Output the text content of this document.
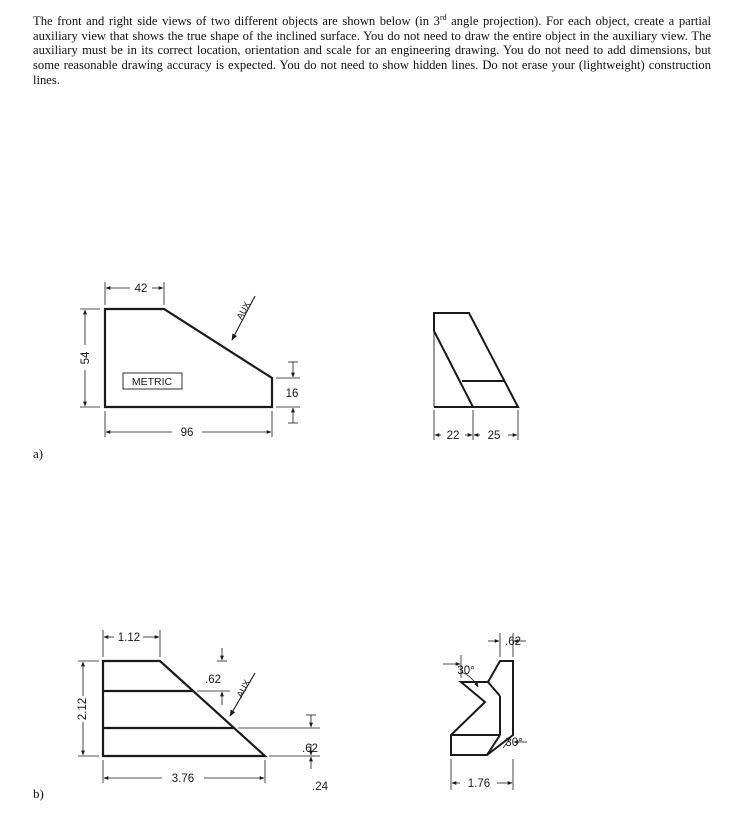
The front and right side views of two different objects are shown below (in 3rd angle projection). For each object, create a partial auxiliary view that shows the true shape of the inclined surface. You do not need to draw the entire object in the auxiliary view. The auxiliary must be in its correct location, orientation and scale for an engineering drawing. You do not need to add dimensions, but some reasonable drawing accuracy is expected. You do not need to show hidden lines. Do not erase your (lightweight) construction lines.
a)
b)
42
54
METRIC
96
16
AUX
22 25
1.12
2.12
.62
3.76
.62
.24
AUX
.62
30°
30°
1.76
